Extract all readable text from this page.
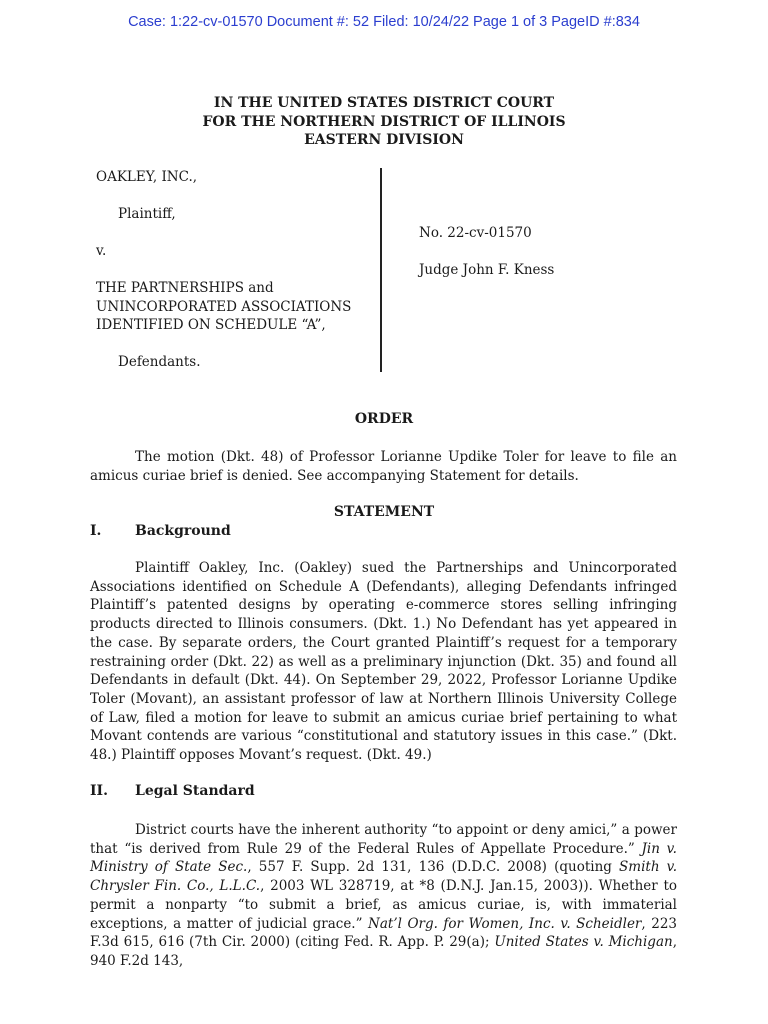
Case: 1:22-cv-01570 Document #: 52 Filed: 10/24/22 Page 1 of 3 PageID #:834
IN THE UNITED STATES DISTRICT COURT
FOR THE NORTHERN DISTRICT OF ILLINOIS
EASTERN DIVISION

OAKLEY, INC.,

Plaintiff,

v.

THE PARTNERSHIPS and

UNINCORPORATED ASSOCIATIONS

IDENTIFIED ON SCHEDULE “A”,

Defendants.

No. 22-cv-01570
Judge John F. Kness
ORDER
The motion (Dkt. 48) of Professor Lorianne Updike Toler for leave to file an amicus curiae brief is denied. See accompanying Statement for details.
STATEMENT
I. Background
Plaintiff Oakley, Inc. (Oakley) sued the Partnerships and Unincorporated Associations identified on Schedule A (Defendants), alleging Defendants infringed Plaintiff’s patented designs by operating e-commerce stores selling infringing products directed to Illinois consumers. (Dkt. 1.) No Defendant has yet appeared in the case. By separate orders, the Court granted Plaintiff’s request for a temporary restraining order (Dkt. 22) as well as a preliminary injunction (Dkt. 35) and found all Defendants in default (Dkt. 44). On September 29, 2022, Professor Lorianne Updike Toler (Movant), an assistant professor of law at Northern Illinois University College of Law, filed a motion for leave to submit an amicus curiae brief pertaining to what Movant contends are various “constitutional and statutory issues in this case.” (Dkt. 48.) Plaintiff opposes Movant’s request. (Dkt. 49.)
II. Legal Standard
District courts have the inherent authority “to appoint or deny amici,” a power that “is derived from Rule 29 of the Federal Rules of Appellate Procedure.” Jin v. Ministry of State Sec., 557 F. Supp. 2d 131, 136 (D.D.C. 2008) (quoting Smith v. Chrysler Fin. Co., L.L.C., 2003 WL 328719, at *8 (D.N.J. Jan.15, 2003)). Whether to permit a nonparty “to submit a brief, as amicus curiae, is, with immaterial exceptions, a matter of judicial grace.” Nat’l Org. for Women, Inc. v. Scheidler, 223 F.3d 615, 616 (7th Cir. 2000) (citing Fed. R. App. P. 29(a); United States v. Michigan, 940 F.2d 143,
